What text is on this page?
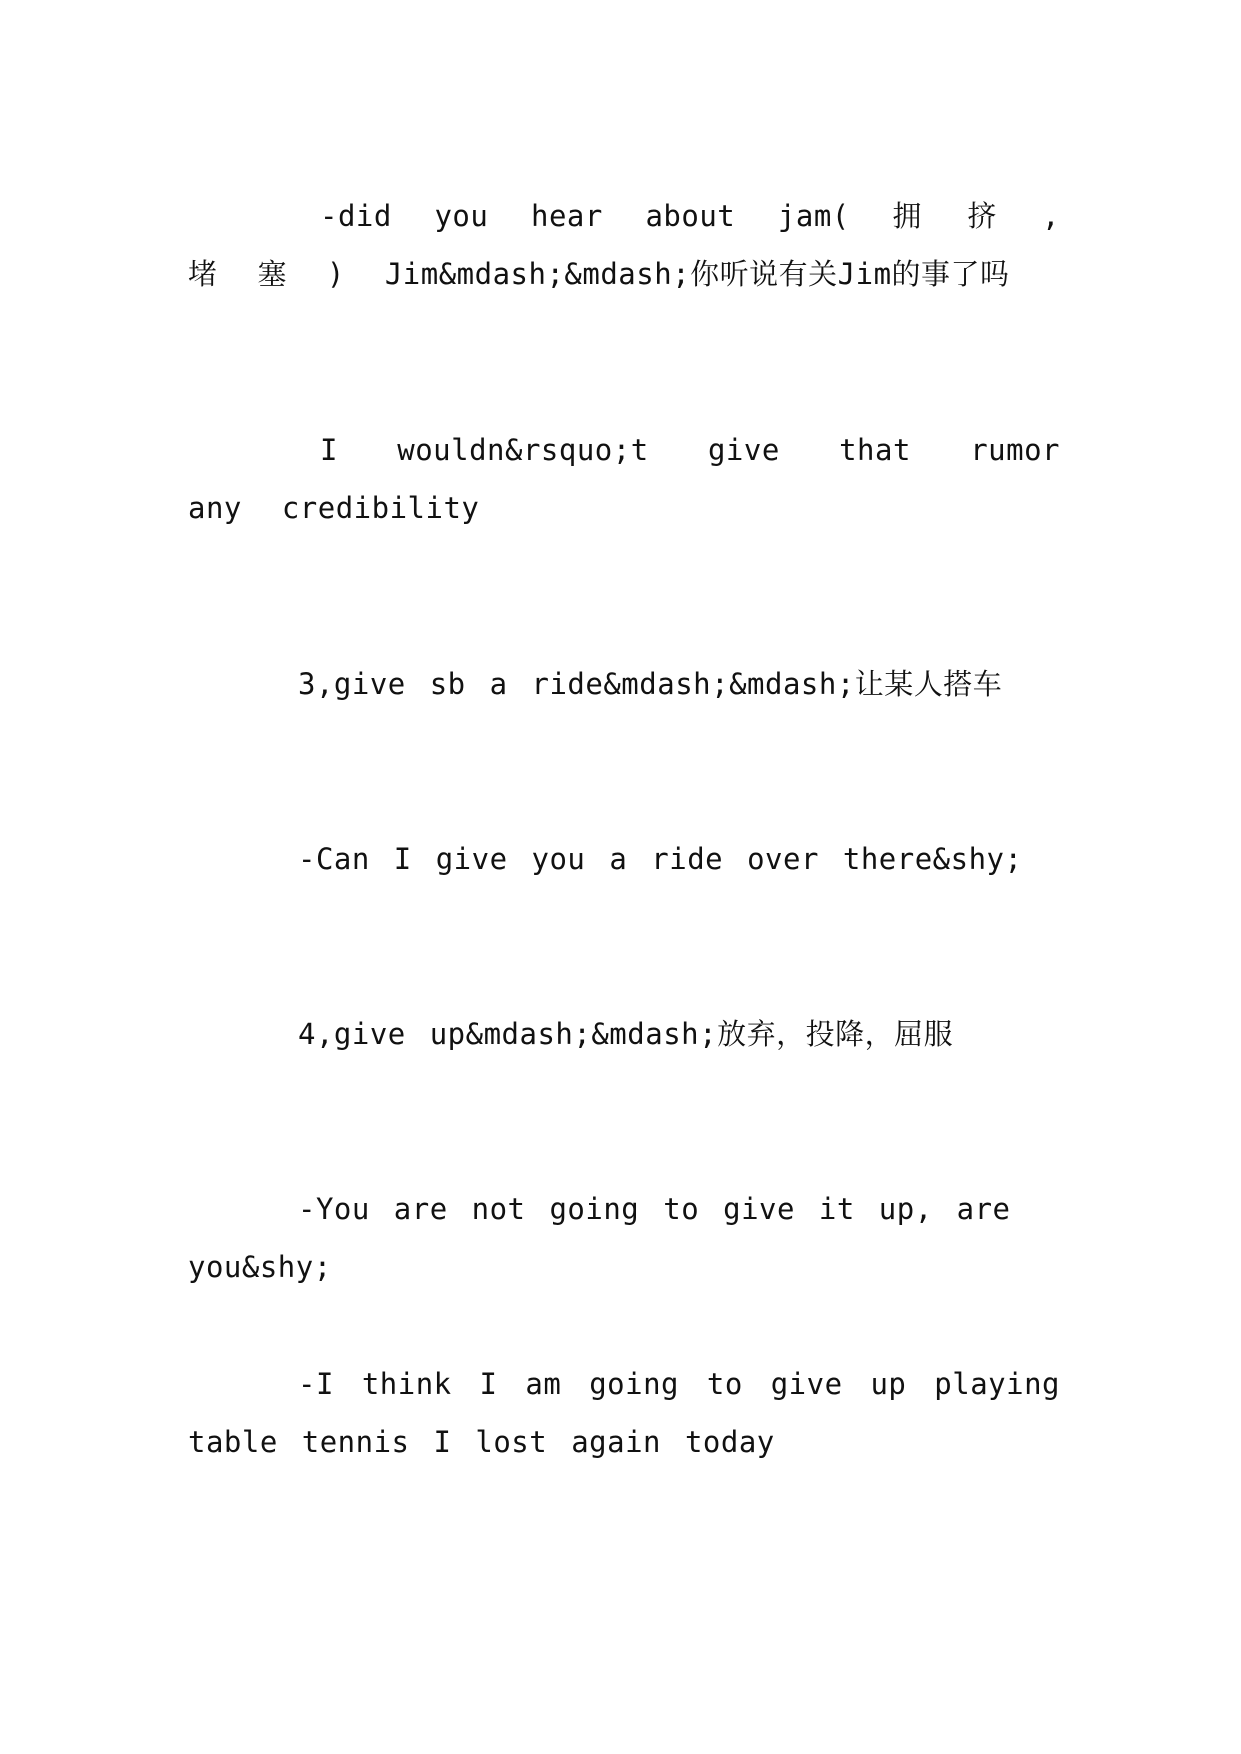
-did you hear about jam( 拥 挤 , 堵 塞 ) Jim&mdash;&mdash;你听说有关Jim的事了吗

I wouldn&rsquo;t give that rumor any credibility

3,give sb a ride&mdash;&mdash;让某人搭车

-Can I give you a ride over there&shy;

4,give up&mdash;&mdash;放弃，投降，屈服

-You are not going to give it up, are you&shy;

-I think I am going to give up playing table tennis I lost again today
